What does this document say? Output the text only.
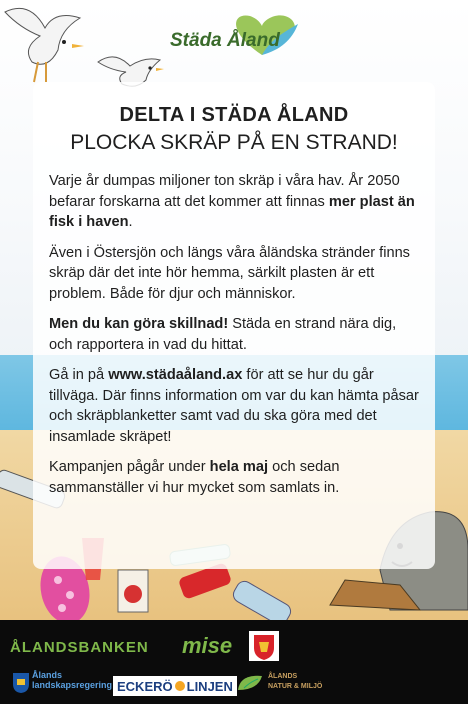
Städa Åland
DELTA I STÄDA ÅLAND
PLOCKA SKRÄP PÅ EN STRAND!

Varje år dumpas miljoner ton skräp i våra hav. År 2050 befarar forskarna att det kommer att finnas mer plast än fisk i haven.

Även i Östersjön och längs våra åländska stränder finns skräp där det inte hör hemma, särkilt plasten är ett problem. Både för djur och människor.

Men du kan göra skillnad! Städa en strand nära dig, och rapportera in vad du hittat.

Gå in på www.städaåland.ax för att se hur du går tillväga. Där finns information om var du kan hämta påsar och skräpblanketter samt vad du ska göra med det insamlade skräpet!

Kampanjen pågår under hela maj och sedan sammanställer vi hur mycket som samlats in.

ÅLANDSBANKEN mise
Ålands
landskapsregering ECKERÖ LINJEN
ÅLANDS
NATUR & MILJÖ
